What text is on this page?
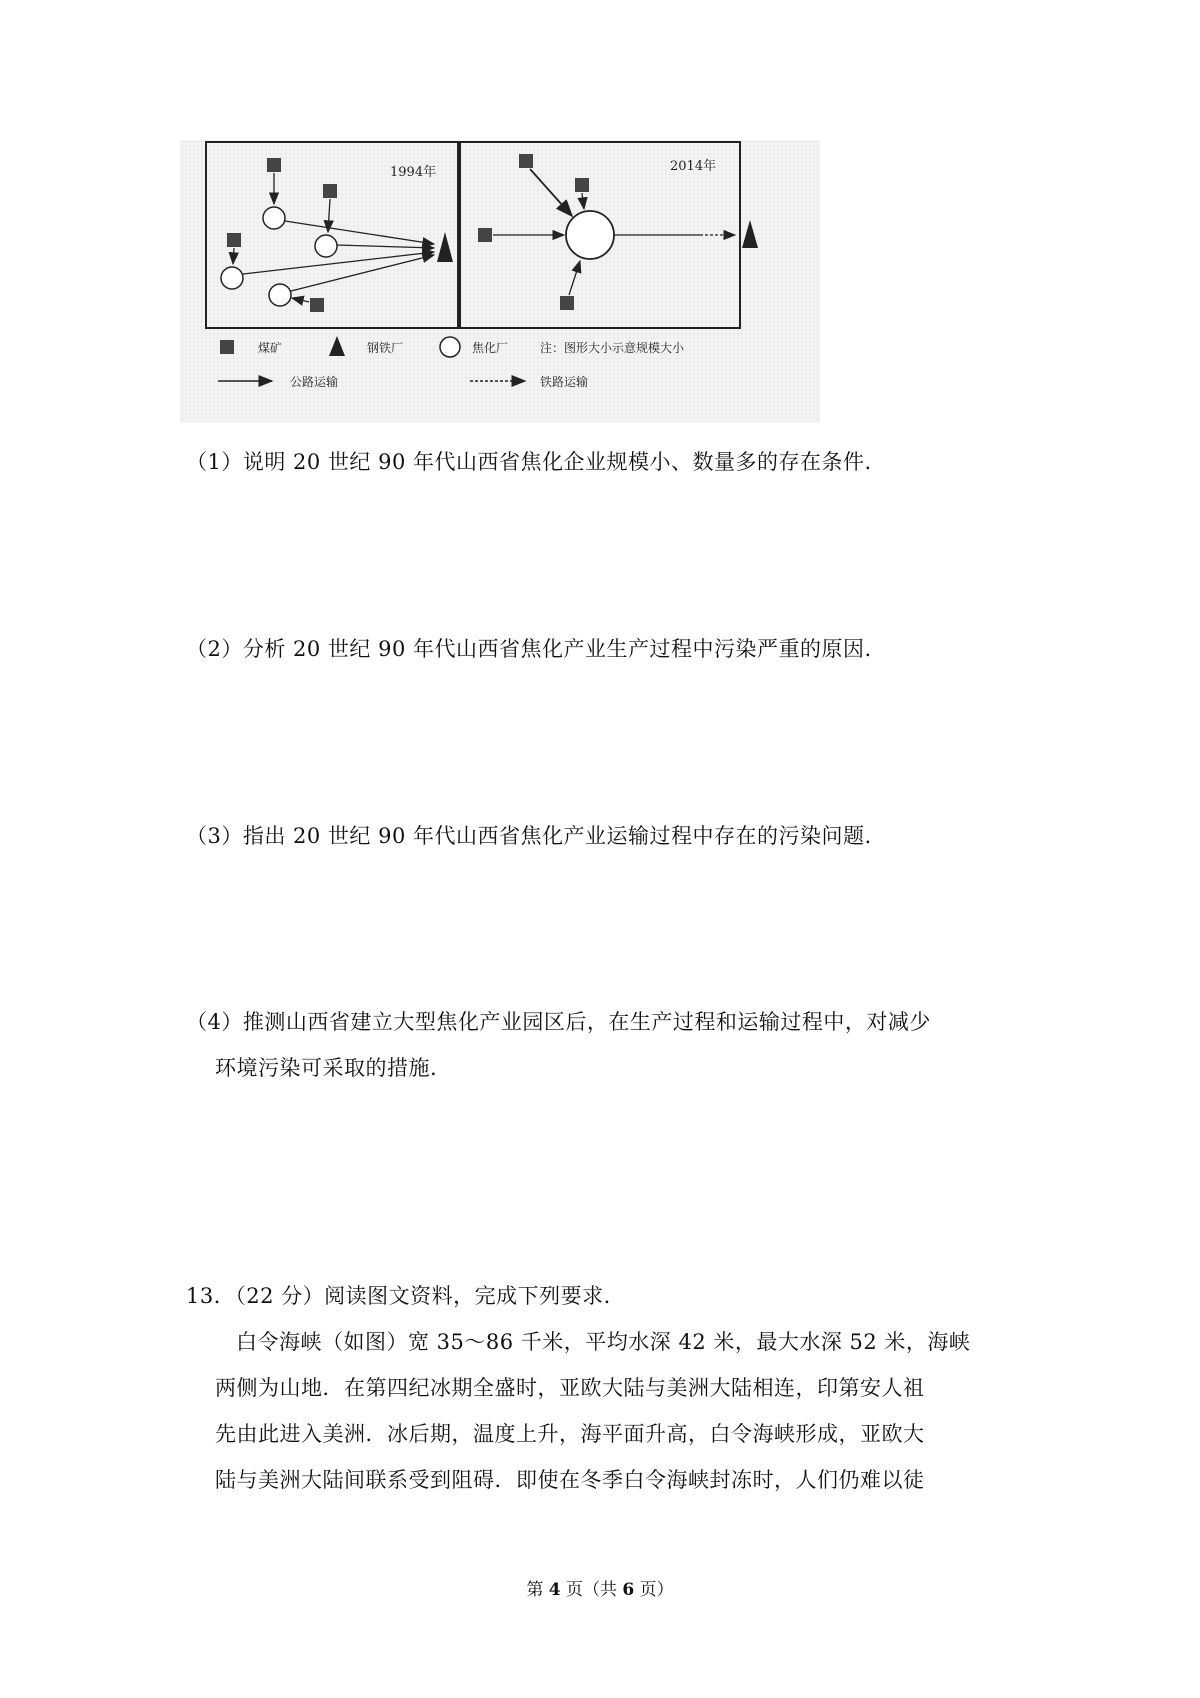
1994年	2014年
煤矿	钢铁厂	焦化厂	注：图形大小示意规模大小
公路运输	铁路运输
（1）说明 20 世纪 90 年代山西省焦化企业规模小、数量多的存在条件.
（2）分析 20 世纪 90 年代山西省焦化产业生产过程中污染严重的原因.
（3）指出 20 世纪 90 年代山西省焦化产业运输过程中存在的污染问题.
（4）推测山西省建立大型焦化产业园区后，在生产过程和运输过程中，对减少
环境污染可采取的措施.
13．（22 分）阅读图文资料，完成下列要求.
白令海峡（如图）宽 35～86 千米，平均水深 42 米，最大水深 52 米，海峡
两侧为山地．在第四纪冰期全盛时，亚欧大陆与美洲大陆相连，印第安人祖
先由此进入美洲．冰后期，温度上升，海平面升高，白令海峡形成，亚欧大
陆与美洲大陆间联系受到阻碍．即使在冬季白令海峡封冻时，人们仍难以徒
第 4 页（共 6 页）
